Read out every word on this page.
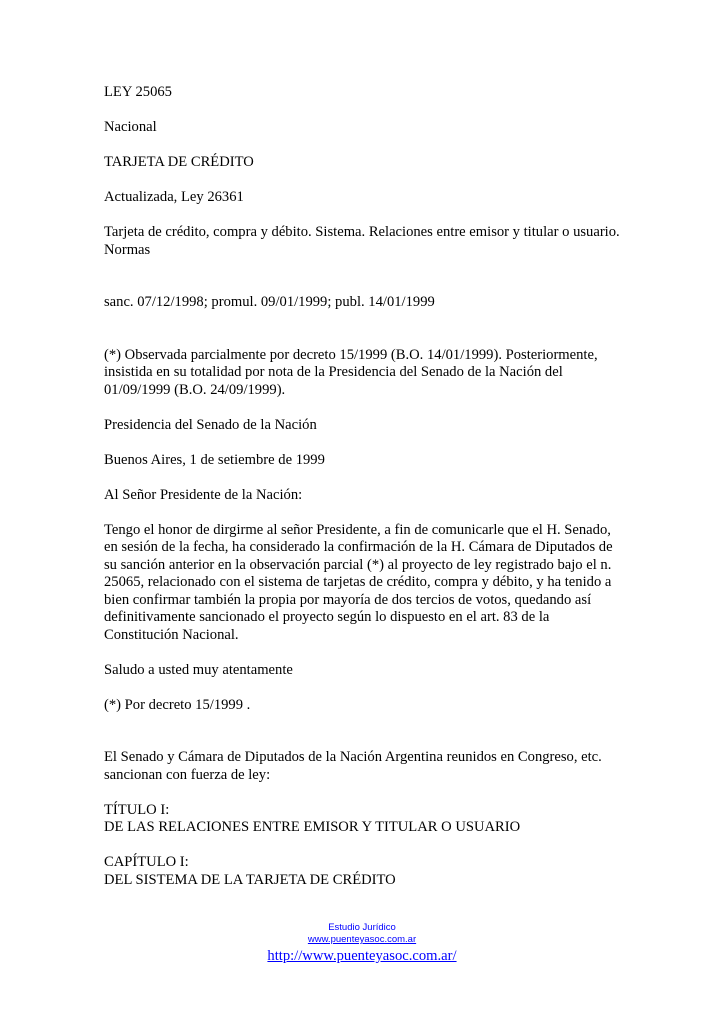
LEY 25065

Nacional

TARJETA DE CRÉDITO

Actualizada, Ley 26361

Tarjeta de crédito, compra y débito. Sistema. Relaciones entre emisor y titular o usuario.
Normas

sanc. 07/12/1998; promul. 09/01/1999; publ. 14/01/1999

(*) Observada parcialmente por decreto 15/1999 (B.O. 14/01/1999). Posteriormente,
insistida en su totalidad por nota de la Presidencia del Senado de la Nación del
01/09/1999 (B.O. 24/09/1999).

Presidencia del Senado de la Nación

Buenos Aires, 1 de setiembre de 1999

Al Señor Presidente de la Nación:

Tengo el honor de dirgirme al señor Presidente, a fin de comunicarle que el H. Senado,
en sesión de la fecha, ha considerado la confirmación de la H. Cámara de Diputados de
su sanción anterior en la observación parcial (*) al proyecto de ley registrado bajo el n.
25065, relacionado con el sistema de tarjetas de crédito, compra y débito, y ha tenido a
bien confirmar también la propia por mayoría de dos tercios de votos, quedando así
definitivamente sancionado el proyecto según lo dispuesto en el art. 83 de la
Constitución Nacional.

Saludo a usted muy atentamente

(*) Por decreto 15/1999 .

El Senado y Cámara de Diputados de la Nación Argentina reunidos en Congreso, etc.
sancionan con fuerza de ley:

TÍTULO I:
DE LAS RELACIONES ENTRE EMISOR Y TITULAR O USUARIO

CAPÍTULO I:
DEL SISTEMA DE LA TARJETA DE CRÉDITO

Estudio Jurídico
www.puenteyasoc.com.ar
http://www.puenteyasoc.com.ar/
